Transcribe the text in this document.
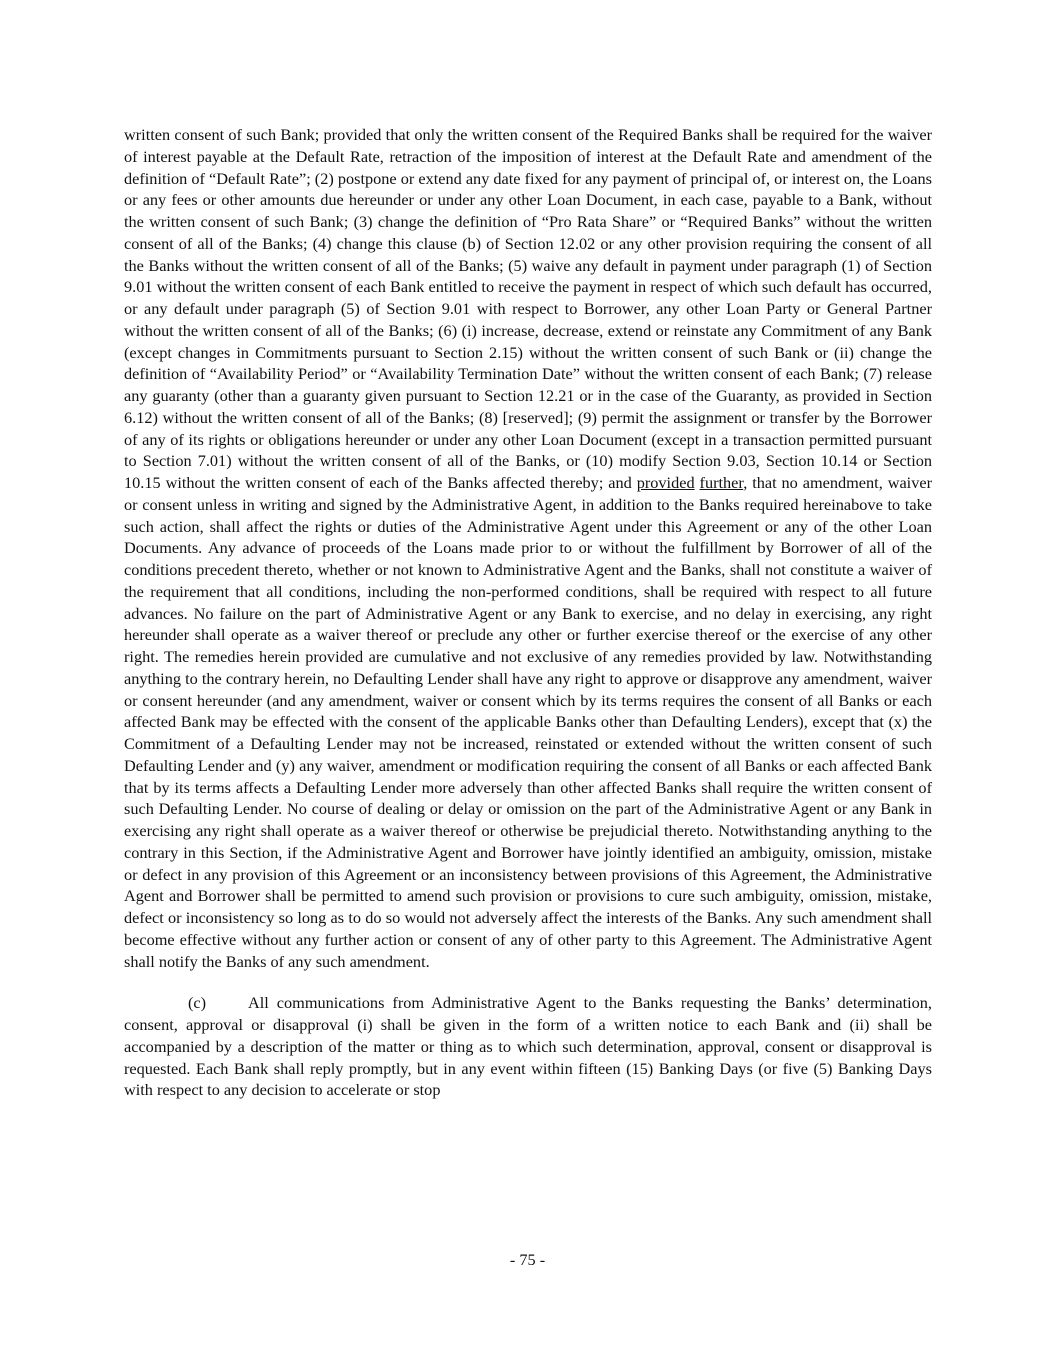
written consent of such Bank; provided that only the written consent of the Required Banks shall be required for the waiver of interest payable at the Default Rate, retraction of the imposition of interest at the Default Rate and amendment of the definition of “Default Rate”; (2) postpone or extend any date fixed for any payment of principal of, or interest on, the Loans or any fees or other amounts due hereunder or under any other Loan Document, in each case, payable to a Bank, without the written consent of such Bank; (3) change the definition of “Pro Rata Share” or “Required Banks” without the written consent of all of the Banks; (4) change this clause (b) of Section 12.02 or any other provision requiring the consent of all the Banks without the written consent of all of the Banks; (5) waive any default in payment under paragraph (1) of Section 9.01 without the written consent of each Bank entitled to receive the payment in respect of which such default has occurred, or any default under paragraph (5) of Section 9.01 with respect to Borrower, any other Loan Party or General Partner without the written consent of all of the Banks; (6) (i) increase, decrease, extend or reinstate any Commitment of any Bank (except changes in Commitments pursuant to Section 2.15) without the written consent of such Bank or (ii) change the definition of “Availability Period” or “Availability Termination Date” without the written consent of each Bank; (7) release any guaranty (other than a guaranty given pursuant to Section 12.21 or in the case of the Guaranty, as provided in Section 6.12) without the written consent of all of the Banks; (8) [reserved]; (9) permit the assignment or transfer by the Borrower of any of its rights or obligations hereunder or under any other Loan Document (except in a transaction permitted pursuant to Section 7.01) without the written consent of all of the Banks, or (10) modify Section 9.03, Section 10.14 or Section 10.15 without the written consent of each of the Banks affected thereby; and provided further, that no amendment, waiver or consent unless in writing and signed by the Administrative Agent, in addition to the Banks required hereinabove to take such action, shall affect the rights or duties of the Administrative Agent under this Agreement or any of the other Loan Documents. Any advance of proceeds of the Loans made prior to or without the fulfillment by Borrower of all of the conditions precedent thereto, whether or not known to Administrative Agent and the Banks, shall not constitute a waiver of the requirement that all conditions, including the non-performed conditions, shall be required with respect to all future advances. No failure on the part of Administrative Agent or any Bank to exercise, and no delay in exercising, any right hereunder shall operate as a waiver thereof or preclude any other or further exercise thereof or the exercise of any other right. The remedies herein provided are cumulative and not exclusive of any remedies provided by law. Notwithstanding anything to the contrary herein, no Defaulting Lender shall have any right to approve or disapprove any amendment, waiver or consent hereunder (and any amendment, waiver or consent which by its terms requires the consent of all Banks or each affected Bank may be effected with the consent of the applicable Banks other than Defaulting Lenders), except that (x) the Commitment of a Defaulting Lender may not be increased, reinstated or extended without the written consent of such Defaulting Lender and (y) any waiver, amendment or modification requiring the consent of all Banks or each affected Bank that by its terms affects a Defaulting Lender more adversely than other affected Banks shall require the written consent of such Defaulting Lender. No course of dealing or delay or omission on the part of the Administrative Agent or any Bank in exercising any right shall operate as a waiver thereof or otherwise be prejudicial thereto. Notwithstanding anything to the contrary in this Section, if the Administrative Agent and Borrower have jointly identified an ambiguity, omission, mistake or defect in any provision of this Agreement or an inconsistency between provisions of this Agreement, the Administrative Agent and Borrower shall be permitted to amend such provision or provisions to cure such ambiguity, omission, mistake, defect or inconsistency so long as to do so would not adversely affect the interests of the Banks. Any such amendment shall become effective without any further action or consent of any of other party to this Agreement. The Administrative Agent shall notify the Banks of any such amendment.

(c)	All communications from Administrative Agent to the Banks requesting the Banks’ determination, consent, approval or disapproval (i) shall be given in the form of a written notice to each Bank and (ii) shall be accompanied by a description of the matter or thing as to which such determination, approval, consent or disapproval is requested. Each Bank shall reply promptly, but in any event within fifteen (15) Banking Days (or five (5) Banking Days with respect to any decision to accelerate or stop

- 75 -
